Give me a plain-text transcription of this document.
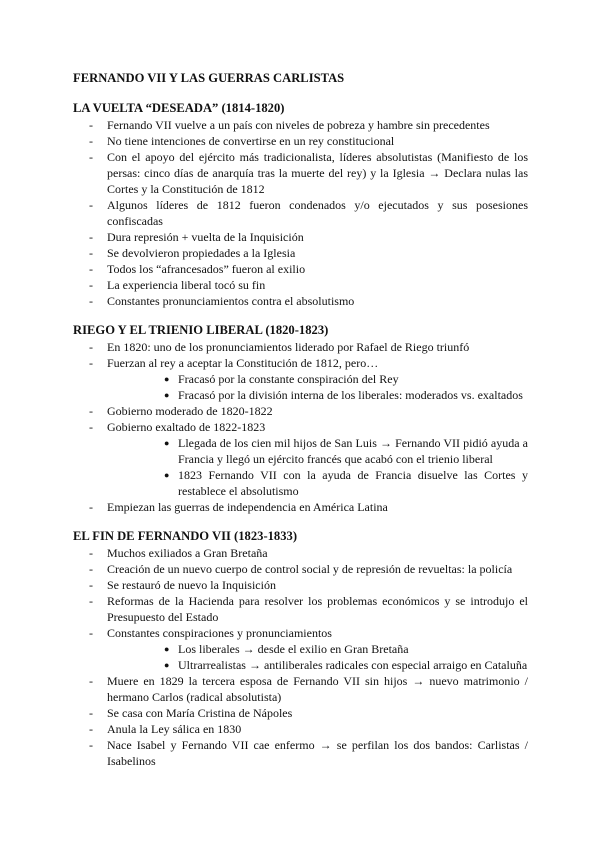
FERNANDO VII Y LAS GUERRAS CARLISTAS
LA VUELTA “DESEADA” (1814-1820)
- Fernando VII vuelve a un país con niveles de pobreza y hambre sin precedentes
- No tiene intenciones de convertirse en un rey constitucional
- Con el apoyo del ejército más tradicionalista, líderes absolutistas (Manifiesto de los persas: cinco días de anarquía tras la muerte del rey) y la Iglesia → Declara nulas las Cortes y la Constitución de 1812
- Algunos líderes de 1812 fueron condenados y/o ejecutados y sus posesiones confiscadas
- Dura represión + vuelta de la Inquisición
- Se devolvieron propiedades a la Iglesia
- Todos los “afrancesados” fueron al exilio
- La experiencia liberal tocó su fin
- Constantes pronunciamientos contra el absolutismo
RIEGO Y EL TRIENIO LIBERAL (1820-1823)
- En 1820: uno de los pronunciamientos liderado por Rafael de Riego triunfó
- Fuerzan al rey a aceptar la Constitución de 1812, pero…
● Fracasó por la constante conspiración del Rey
● Fracasó por la división interna de los liberales: moderados vs. exaltados
- Gobierno moderado de 1820-1822
- Gobierno exaltado de 1822-1823
● Llegada de los cien mil hijos de San Luis → Fernando VII pidió ayuda a Francia y llegó un ejército francés que acabó con el trienio liberal
● 1823 Fernando VII con la ayuda de Francia disuelve las Cortes y restablece el absolutismo
- Empiezan las guerras de independencia en América Latina
EL FIN DE FERNANDO VII (1823-1833)
- Muchos exiliados a Gran Bretaña
- Creación de un nuevo cuerpo de control social y de represión de revueltas: la policía
- Se restauró de nuevo la Inquisición
- Reformas de la Hacienda para resolver los problemas económicos y se introdujo el Presupuesto del Estado
- Constantes conspiraciones y pronunciamientos
● Los liberales → desde el exilio en Gran Bretaña
● Ultrarrealistas → antiliberales radicales con especial arraigo en Cataluña
- Muere en 1829 la tercera esposa de Fernando VII sin hijos → nuevo matrimonio / hermano Carlos (radical absolutista)
- Se casa con María Cristina de Nápoles
- Anula la Ley sálica en 1830
- Nace Isabel y Fernando VII cae enfermo → se perfilan los dos bandos: Carlistas / Isabelinos
